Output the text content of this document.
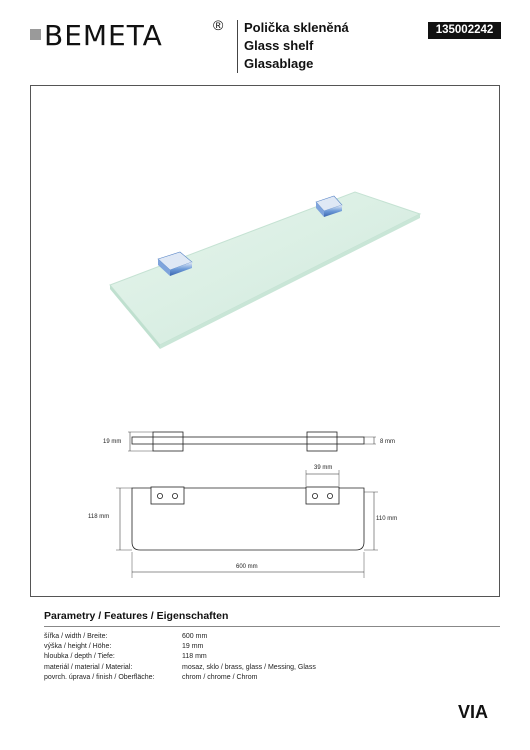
BEMETA	® Polička skleněná
Glass shelf
Glasablage
135002242
19 mm	8 mm
39 mm
118 mm	110 mm
600 mm
Parametry / Features / Eigenschaften
šířka / width / Breite:	600 mm
výška / height / Höhe:	19 mm
hloubka / depth / Tiefe:	118 mm
materiál / material / Material:	mosaz, sklo / brass, glass / Messing, Glass
povrch. úprava / finish / Oberfläche:	chrom / chrome / Chrom
VIA
